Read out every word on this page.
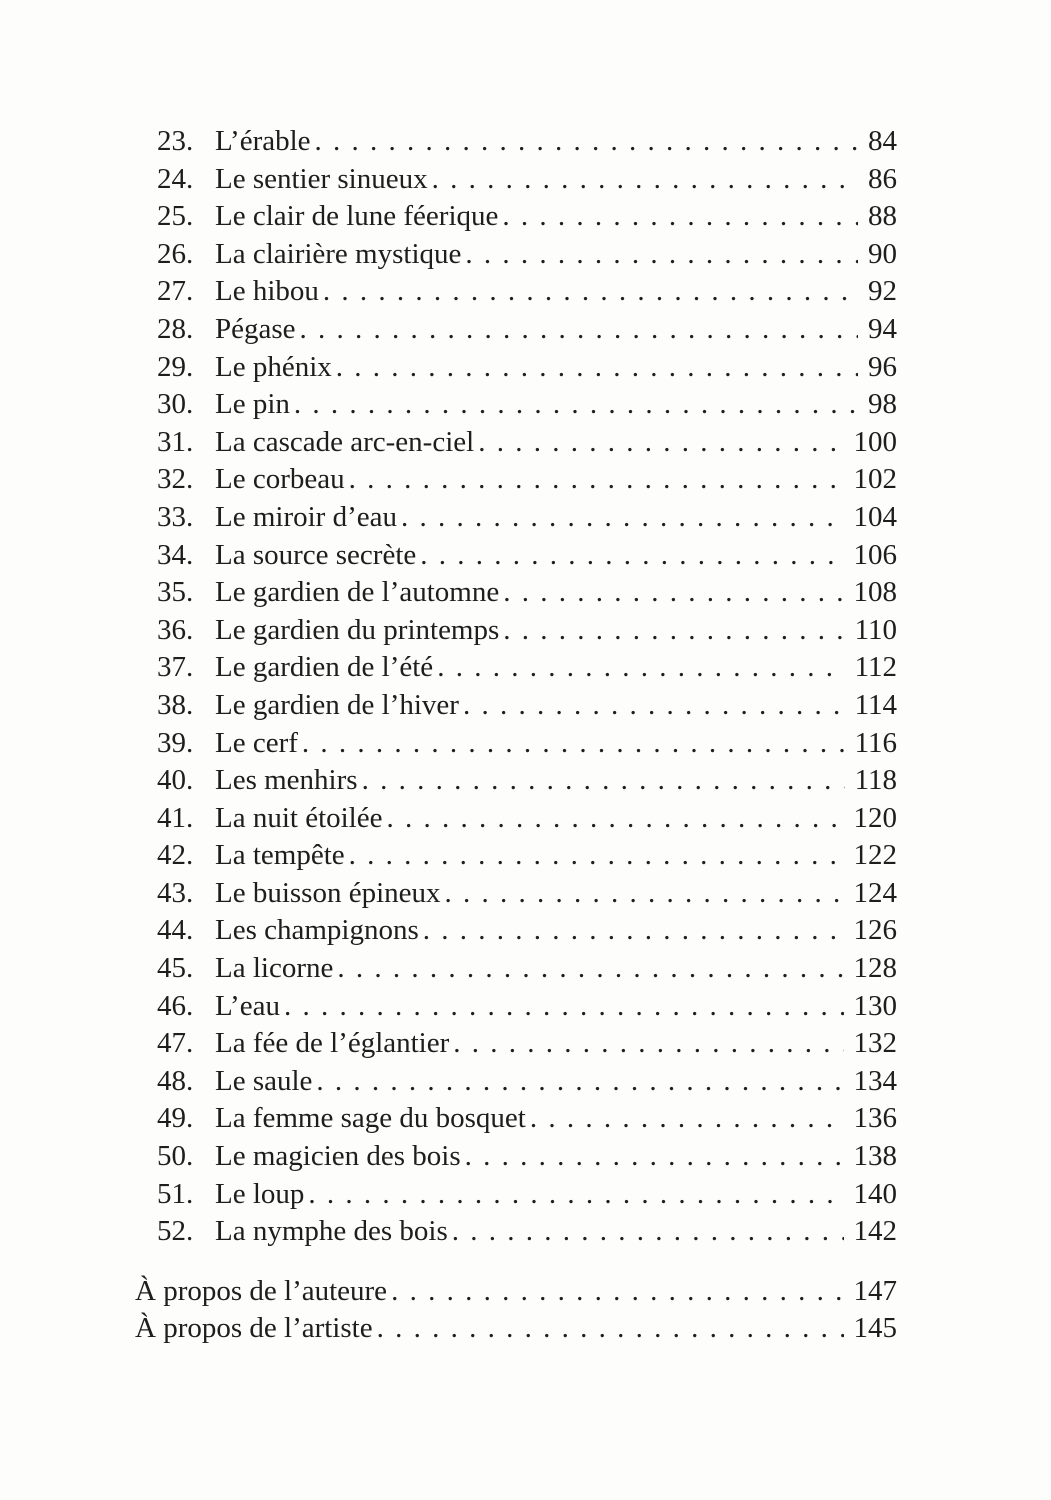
23. L’érable . . .	84
24. Le sentier sinueux . . .	86
25. Le clair de lune féerique . . .	88
26. La clairière mystique . . .	90
27. Le hibou . . .	92
28. Pégase . . .	94
29. Le phénix . . .	96
30. Le pin . . .	98
31. La cascade arc-en-ciel . . .	100
32. Le corbeau . . .	102
33. Le miroir d’eau . . .	104
34. La source secrète . . .	106
35. Le gardien de l’automne . . .	108
36. Le gardien du printemps . . .	110
37. Le gardien de l’été . . .	112
38. Le gardien de l’hiver . . .	114
39. Le cerf . . .	116
40. Les menhirs . . .	118
41. La nuit étoilée . . .	120
42. La tempête . . .	122
43. Le buisson épineux . . .	124
44. Les champignons . . .	126
45. La licorne . . .	128
46. L’eau . . .	130
47. La fée de l’églantier . . .	132
48. Le saule . . .	134
49. La femme sage du bosquet . . .	136
50. Le magicien des bois . . .	138
51. Le loup . . .	140
52. La nymphe des bois . . .	142
À propos de l’auteure . . .	147
À propos de l’artiste . . .	145
